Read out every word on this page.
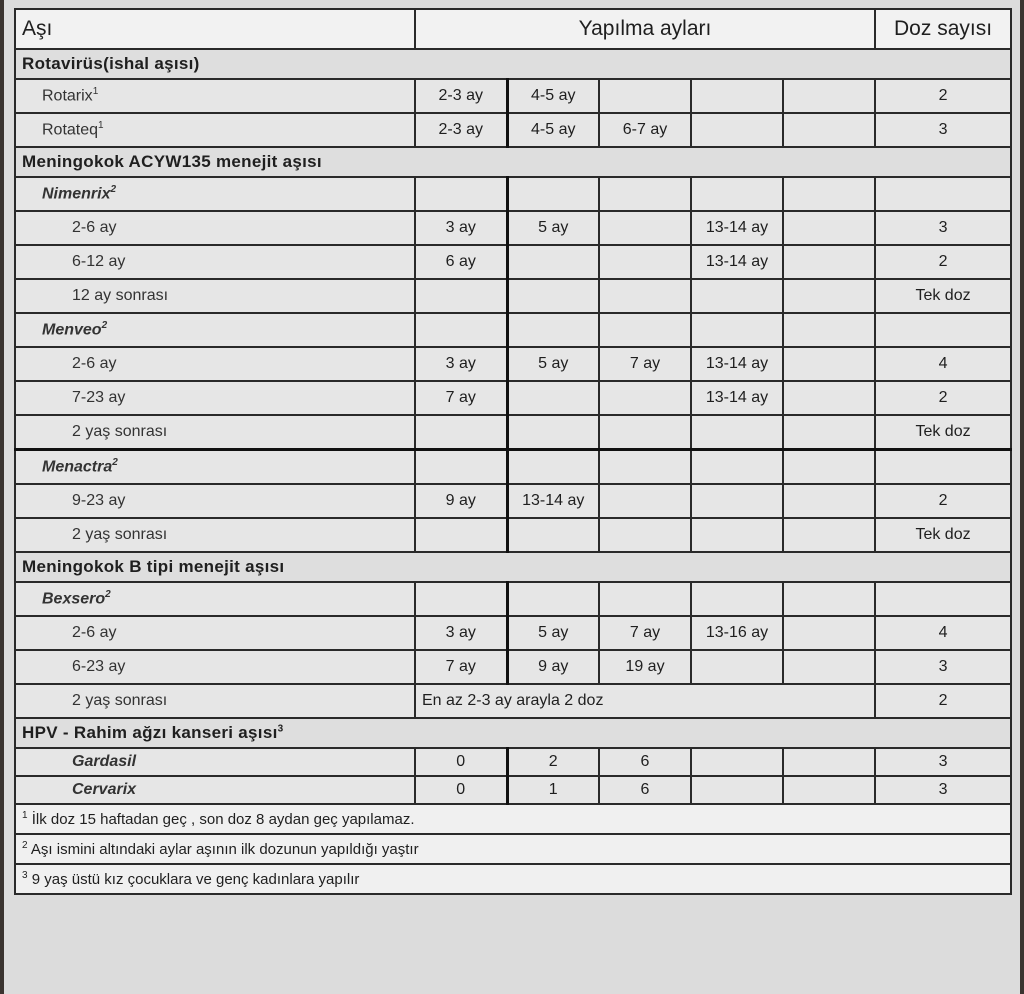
Aşı	Yapılma ayları					Doz sayısı
Rotavirüs(ishal aşısı)						
Rotarix$^1$	2-3 ay	4-5 ay				2
Rotateq$^1$	2-3 ay	4-5 ay	6-7 ay			3
Meningokok ACYW135 menejit aşısı						
Nimenrix$^2$						
2-6 ay	3 ay	5 ay		13-14 ay		3
6-12 ay	6 ay			13-14 ay		2
12 ay sonrası						Tek doz
Menveo$^2$						
2-6 ay	3 ay	5 ay	7 ay	13-14 ay		4
7-23 ay	7 ay			13-14 ay		2
2 yaş sonrası						Tek doz
Menactra$^2$						
9-23 ay	9 ay	13-14 ay				2
2 yaş sonrası						Tek doz
Meningokok B tipi menejit aşısı						
Bexsero$^2$						
2-6 ay	3 ay	5 ay	7 ay	13-16 ay		4
6-23 ay	7 ay	9 ay	19 ay			3
2 yaş sonrası	En az 2-3 ay arayla 2 doz					2
HPV - Rahim ağzı kanseri aşısı$^3$
Gardasil	0	2	6			3
Cervarix	0	1	6			3
$^1$ İlk doz 15 haftadan geç , son doz 8 aydan geç yapılamaz.						
$^2$ Aşı ismini altındaki aylar aşının ilk dozunun yapıldığı yaştır						
$^3$ 9 yaş üstü kız çocuklara ve genç kadınlara yapılır						
